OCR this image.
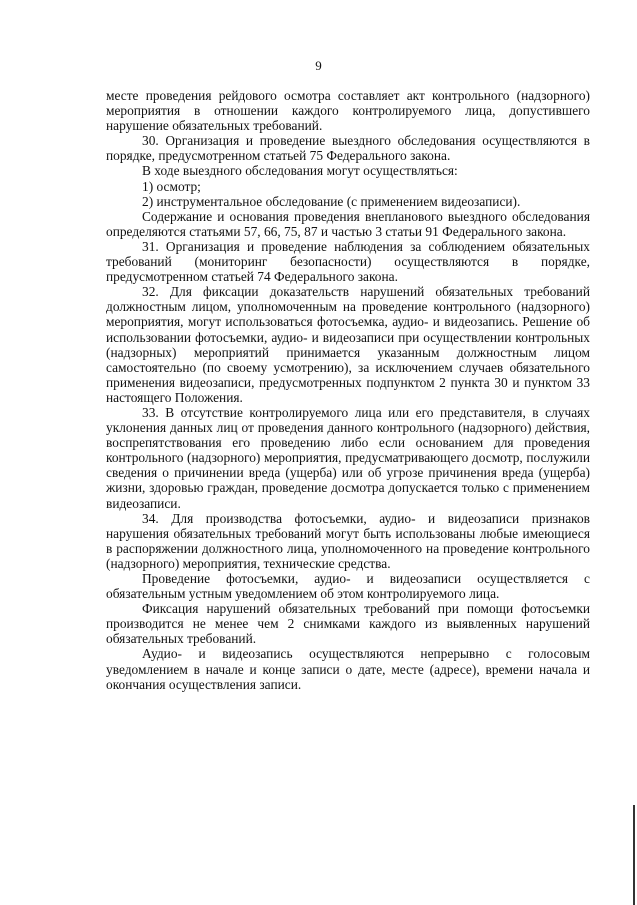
9

месте проведения рейдового осмотра составляет акт контрольного (надзорного) мероприятия в отношении каждого контролируемого лица, допустившего нарушение обязательных требований.

30. Организация и проведение выездного обследования осуществляются в порядке, предусмотренном статьей 75 Федерального закона.

В ходе выездного обследования могут осуществляться:

1) осмотр;

2) инструментальное обследование (с применением видеозаписи).

Содержание и основания проведения внепланового выездного обследования определяются статьями 57, 66, 75, 87 и частью 3 статьи 91 Федерального закона.

31. Организация и проведение наблюдения за соблюдением обязательных требований (мониторинг безопасности) осуществляются в порядке, предусмотренном статьей 74 Федерального закона.

32. Для фиксации доказательств нарушений обязательных требований должностным лицом, уполномоченным на проведение контрольного (надзорного) мероприятия, могут использоваться фотосъемка, аудио- и видеозапись. Решение об использовании фотосъемки, аудио- и видеозаписи при осуществлении контрольных (надзорных) мероприятий принимается указанным должностным лицом самостоятельно (по своему усмотрению), за исключением случаев обязательного применения видеозаписи, предусмотренных подпунктом 2 пункта 30 и пунктом 33 настоящего Положения.

33. В отсутствие контролируемого лица или его представителя, в случаях уклонения данных лиц от проведения данного контрольного (надзорного) действия, воспрепятствования его проведению либо если основанием для проведения контрольного (надзорного) мероприятия, предусматривающего досмотр, послужили сведения о причинении вреда (ущерба) или об угрозе причинения вреда (ущерба) жизни, здоровью граждан, проведение досмотра допускается только с применением видеозаписи.

34. Для производства фотосъемки, аудио- и видеозаписи признаков нарушения обязательных требований могут быть использованы любые имеющиеся в распоряжении должностного лица, уполномоченного на проведение контрольного (надзорного) мероприятия, технические средства.

Проведение фотосъемки, аудио- и видеозаписи осуществляется с обязательным устным уведомлением об этом контролируемого лица.

Фиксация нарушений обязательных требований при помощи фотосъемки производится не менее чем 2 снимками каждого из выявленных нарушений обязательных требований.

Аудио- и видеозапись осуществляются непрерывно с голосовым уведомлением в начале и конце записи о дате, месте (адресе), времени начала и окончания осуществления записи.
